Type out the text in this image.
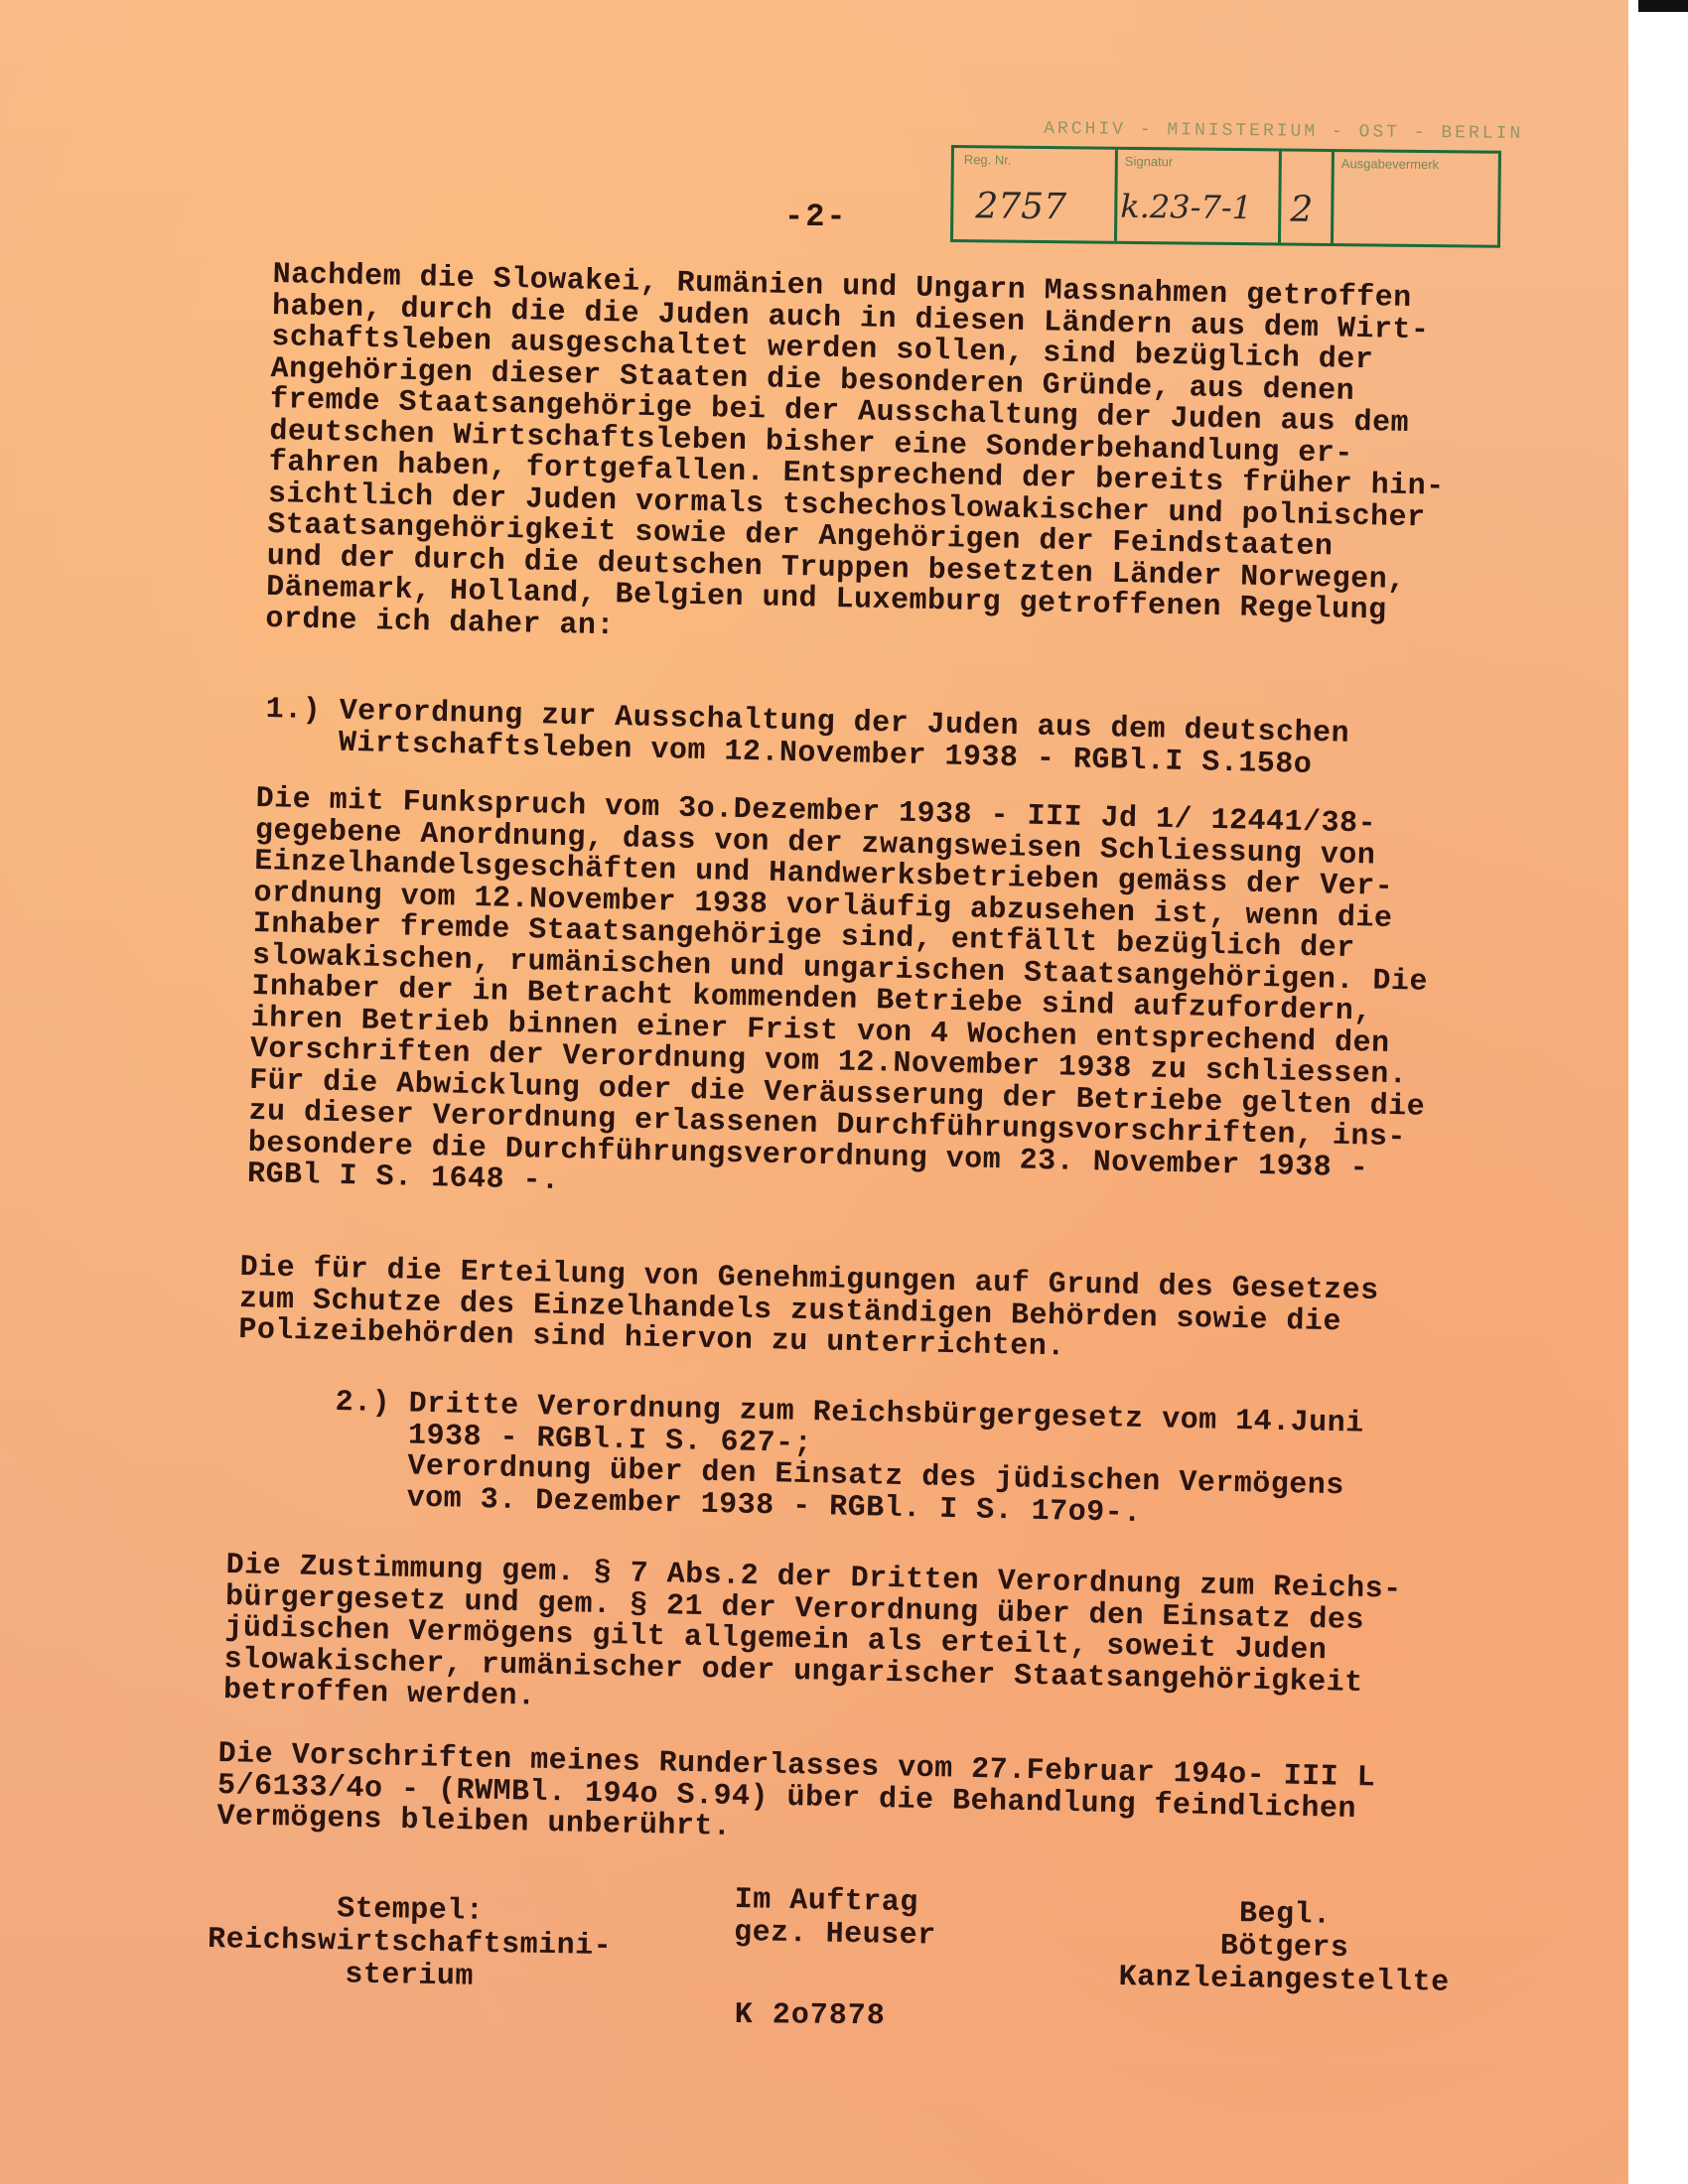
-2-
ARCHIV - MINISTERIUM - OST - BERLIN
Reg. Nr.
2757
Signatur
k.23-7-1 2
Ausgabevermerk

Nachdem die Slowakei, Rumänien und Ungarn Massnahmen getroffen
haben, durch die die Juden auch in diesen Ländern aus dem Wirt-
schaftsleben ausgeschaltet werden sollen, sind bezüglich der
Angehörigen dieser Staaten die besonderen Gründe, aus denen
fremde Staatsangehörige bei der Ausschaltung der Juden aus dem
deutschen Wirtschaftsleben bisher eine Sonderbehandlung er-
fahren haben, fortgefallen. Entsprechend der bereits früher hin-
sichtlich der Juden vormals tschechoslowakischer und polnischer
Staatsangehörigkeit sowie der Angehörigen der Feindstaaten
und der durch die deutschen Truppen besetzten Länder Norwegen,
Dänemark, Holland, Belgien und Luxemburg getroffenen Regelung
ordne ich daher an:

1.) Verordnung zur Ausschaltung der Juden aus dem deutschen
Wirtschaftsleben vom 12.November 1938 - RGBl.I S.158o

Die mit Funkspruch vom 3o.Dezember 1938 - III Jd 1/ 12441/38-
gegebene Anordnung, dass von der zwangsweisen Schliessung von
Einzelhandelsgeschäften und Handwerksbetrieben gemäss der Ver-
ordnung vom 12.November 1938 vorläufig abzusehen ist, wenn die
Inhaber fremde Staatsangehörige sind, entfällt bezüglich der
slowakischen, rumänischen und ungarischen Staatsangehörigen. Die
Inhaber der in Betracht kommenden Betriebe sind aufzufordern,
ihren Betrieb binnen einer Frist von 4 Wochen entsprechend den
Vorschriften der Verordnung vom 12.November 1938 zu schliessen.
Für die Abwicklung oder die Veräusserung der Betriebe gelten die
zu dieser Verordnung erlassenen Durchführungsvorschriften, ins-
besondere die Durchführungsverordnung vom 23. November 1938 -
RGBl I S. 1648 -.

Die für die Erteilung von Genehmigungen auf Grund des Gesetzes
zum Schutze des Einzelhandels zuständigen Behörden sowie die
Polizeibehörden sind hiervon zu unterrichten.

2.) Dritte Verordnung zum Reichsbürgergesetz vom 14.Juni
1938 - RGBl.I S. 627-;
Verordnung über den Einsatz des jüdischen Vermögens
vom 3. Dezember 1938 - RGBl. I S. 17o9-.

Die Zustimmung gem. § 7 Abs.2 der Dritten Verordnung zum Reichs-
bürgergesetz und gem. § 21 der Verordnung über den Einsatz des
jüdischen Vermögens gilt allgemein als erteilt, soweit Juden
slowakischer, rumänischer oder ungarischer Staatsangehörigkeit
betroffen werden.

Die Vorschriften meines Runderlasses vom 27.Februar 194o- III L
5/6133/4o - (RWMBl. 194o S.94) über die Behandlung feindlichen
Vermögens bleiben unberührt.

Stempel:
Reichswirtschaftsmini-
sterium

Im Auftrag
gez. Heuser

Begl.
Bötgers
Kanzleiangestellte

K 2o7878
